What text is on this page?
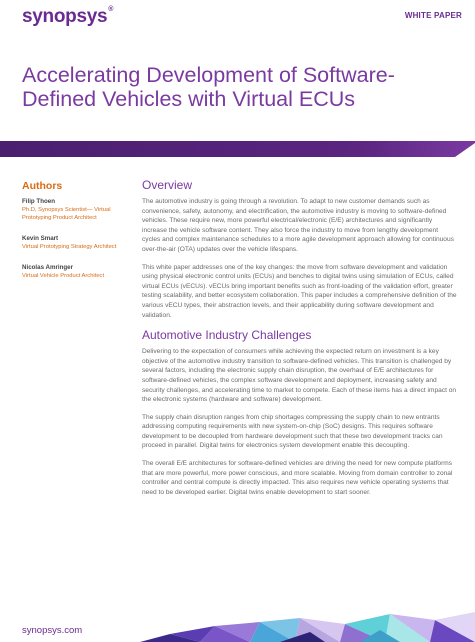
synopsys®
WHITE PAPER
Accelerating Development of Software-Defined Vehicles with Virtual ECUs
Authors
Filip Thoen
Ph.D, Synopsys Scientist— Virtual Prototyping Product Architect
Kevin Smart
Virtual Prototyping Strategy Architect
Nicolas Amringer
Virtual Vehicle Product Architect
Overview

The automotive industry is going through a revolution. To adapt to new customer demands such as convenience, safety, autonomy, and electrification, the automotive industry is moving to software-defined vehicles. These require new, more powerful electrical/electronic (E/E) architectures and significantly increase the vehicle software content. They also force the industry to move from lengthy development cycles and complex maintenance schedules to a more agile development approach allowing for continuous over-the-air (OTA) updates over the vehicle lifespans.

This white paper addresses one of the key changes: the move from software development and validation using physical electronic control units (ECUs) and benches to digital twins using simulation of ECUs, called virtual ECUs (vECUs). vECUs bring important benefits such as front-loading of the validation effort, greater testing scalability, and better ecosystem collaboration. This paper includes a comprehensive definition of the various vECU types, their abstraction levels, and their applicability during software development and validation.

Automotive Industry Challenges

Delivering to the expectation of consumers while achieving the expected return on investment is a key objective of the automotive industry transition to software-defined vehicles. This transition is challenged by several factors, including the electronic supply chain disruption, the overhaul of E/E architectures for software-defined vehicles, the complex software development and deployment, increasing safety and security challenges, and accelerating time to market to compete. Each of these items has a direct impact on the electronic systems (hardware and software) development.

The supply chain disruption ranges from chip shortages compressing the supply chain to new entrants addressing computing requirements with new system-on-chip (SoC) designs. This requires software development to be decoupled from hardware development such that these two development tracks can proceed in parallel. Digital twins for electronics system development enable this decoupling.

The overall E/E architectures for software-defined vehicles are driving the need for new compute platforms that are more powerful, more power conscious, and more scalable. Moving from domain controller to zonal controller and central compute is directly impacted. This also requires new vehicle operating systems that need to be developed earlier. Digital twins enable development to start sooner.

synopsys.com
